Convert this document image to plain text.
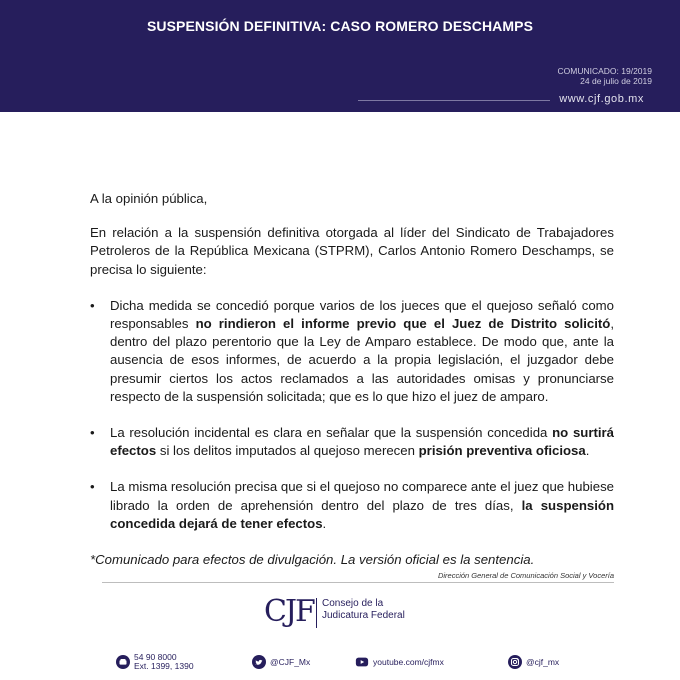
SUSPENSIÓN DEFINITIVA: CASO ROMERO DESCHAMPS
COMUNICADO: 19/2019
24 de julio de 2019
www.cjf.gob.mx

A la opinión pública,

En relación a la suspensión definitiva otorgada al líder del Sindicato de Trabajadores Petroleros de la República Mexicana (STPRM), Carlos Antonio Romero Deschamps, se precisa lo siguiente:

• Dicha medida se concedió porque varios de los jueces que el quejoso señaló como responsables no rindieron el informe previo que el Juez de Distrito solicitó, dentro del plazo perentorio que la Ley de Amparo establece. De modo que, ante la ausencia de esos informes, de acuerdo a la propia legislación, el juzgador debe presumir ciertos los actos reclamados a las autoridades omisas y pronunciarse respecto de la suspensión solicitada; que es lo que hizo el juez de amparo.
• La resolución incidental es clara en señalar que la suspensión concedida no surtirá efectos si los delitos imputados al quejoso merecen prisión preventiva oficiosa.
• La misma resolución precisa que si el quejoso no comparece ante el juez que hubiese librado la orden de aprehensión dentro del plazo de tres días, la suspensión concedida dejará de tener efectos.

*Comunicado para efectos de divulgación. La versión oficial es la sentencia.

Dirección General de Comunicación Social y Vocería
CJF Consejo de la
Judicatura Federal
54 90 8000
Ext. 1399, 1390	@CJF_Mx	youtube.com/cjfmx	@cjf_mx
